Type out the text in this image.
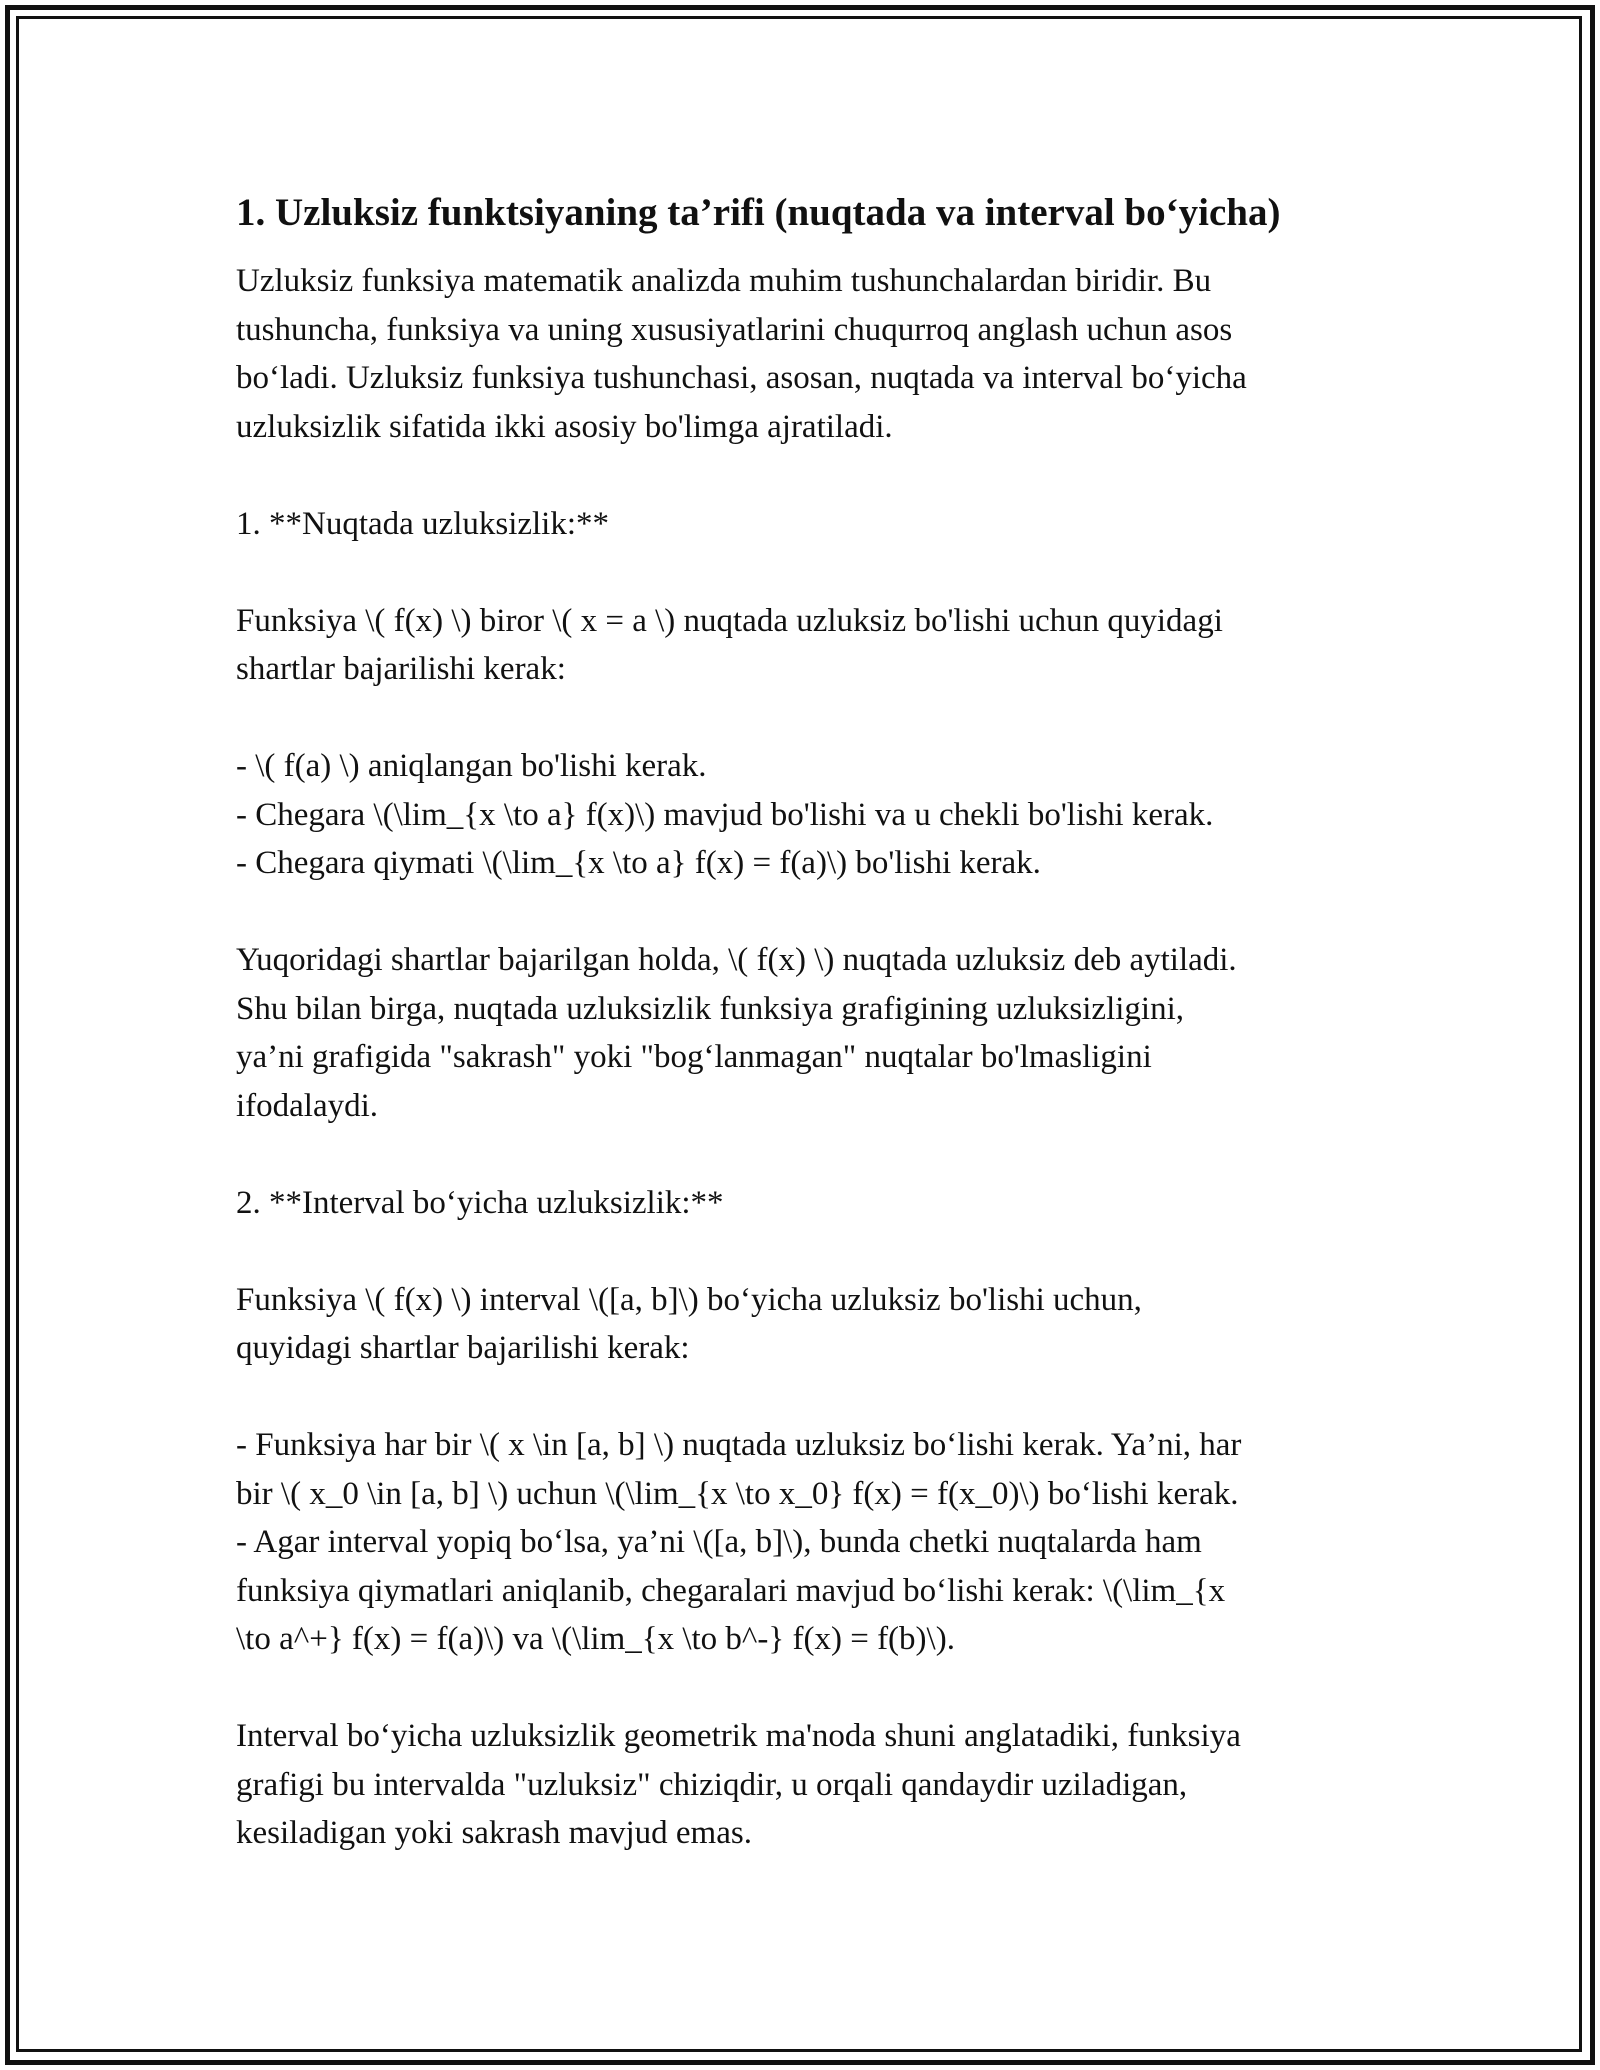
1. Uzluksiz funktsiyaning ta’rifi (nuqtada va interval bo‘yicha)
Uzluksiz funksiya matematik analizda muhim tushunchalardan biridir. Bu
tushuncha, funksiya va uning xususiyatlarini chuqurroq anglash uchun asos
bo‘ladi. Uzluksiz funksiya tushunchasi, asosan, nuqtada va interval bo‘yicha
uzluksizlik sifatida ikki asosiy bo'limga ajratiladi.
1. **Nuqtada uzluksizlik:**
Funksiya \( f(x) \) biror \( x = a \) nuqtada uzluksiz bo'lishi uchun quyidagi
shartlar bajarilishi kerak:
- \( f(a) \) aniqlangan bo'lishi kerak.
- Chegara \(\lim_{x \to a} f(x)\) mavjud bo'lishi va u chekli bo'lishi kerak.
- Chegara qiymati \(\lim_{x \to a} f(x) = f(a)\) bo'lishi kerak.
Yuqoridagi shartlar bajarilgan holda, \( f(x) \) nuqtada uzluksiz deb aytiladi.
Shu bilan birga, nuqtada uzluksizlik funksiya grafigining uzluksizligini,
ya’ni grafigida "sakrash" yoki "bog‘lanmagan" nuqtalar bo'lmasligini
ifodalaydi.
2. **Interval bo‘yicha uzluksizlik:**
Funksiya \( f(x) \) interval \([a, b]\) bo‘yicha uzluksiz bo'lishi uchun,
quyidagi shartlar bajarilishi kerak:
- Funksiya har bir \( x \in [a, b] \) nuqtada uzluksiz bo‘lishi kerak. Ya’ni, har
bir \( x_0 \in [a, b] \) uchun \(\lim_{x \to x_0} f(x) = f(x_0)\) bo‘lishi kerak.
- Agar interval yopiq bo‘lsa, ya’ni \([a, b]\), bunda chetki nuqtalarda ham
funksiya qiymatlari aniqlanib, chegaralari mavjud bo‘lishi kerak: \(\lim_{x
\to a^+} f(x) = f(a)\) va \(\lim_{x \to b^-} f(x) = f(b)\).
Interval bo‘yicha uzluksizlik geometrik ma'noda shuni anglatadiki, funksiya
grafigi bu intervalda "uzluksiz" chiziqdir, u orqali qandaydir uziladigan,
kesiladigan yoki sakrash mavjud emas.
